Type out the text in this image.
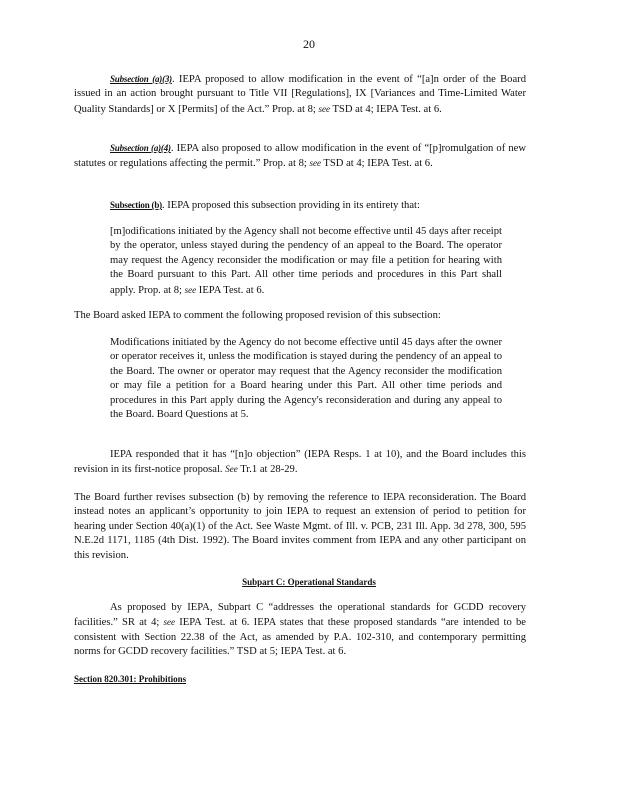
20
Subsection (a)(3). IEPA proposed to allow modification in the event of “[a]n order of the Board issued in an action brought pursuant to Title VII [Regulations], IX [Variances and Time-Limited Water Quality Standards] or X [Permits] of the Act.” Prop. at 8; see TSD at 4; IEPA Test. at 6.
Subsection (a)(4). IEPA also proposed to allow modification in the event of “[p]romulgation of new statutes or regulations affecting the permit.” Prop. at 8; see TSD at 4; IEPA Test. at 6.
Subsection (b). IEPA proposed this subsection providing in its entirety that:
[m]odifications initiated by the Agency shall not become effective until 45 days after receipt by the operator, unless stayed during the pendency of an appeal to the Board. The operator may request the Agency reconsider the modification or may file a petition for hearing with the Board pursuant to this Part. All other time periods and procedures in this Part shall apply. Prop. at 8; see IEPA Test. at 6.
The Board asked IEPA to comment the following proposed revision of this subsection:
Modifications initiated by the Agency do not become effective until 45 days after the owner or operator receives it, unless the modification is stayed during the pendency of an appeal to the Board. The owner or operator may request that the Agency reconsider the modification or may file a petition for a Board hearing under this Part. All other time periods and procedures in this Part apply during the Agency's reconsideration and during any appeal to the Board. Board Questions at 5.
IEPA responded that it has “[n]o objection” (IEPA Resps. 1 at 10), and the Board includes this revision in its first-notice proposal. See Tr.1 at 28-29.
The Board further revises subsection (b) by removing the reference to IEPA reconsideration. The Board instead notes an applicant’s opportunity to join IEPA to request an extension of period to petition for hearing under Section 40(a)(1) of the Act. See Waste Mgmt. of Ill. v. PCB, 231 Ill. App. 3d 278, 300, 595 N.E.2d 1171, 1185 (4th Dist. 1992). The Board invites comment from IEPA and any other participant on this revision.
Subpart C: Operational Standards
As proposed by IEPA, Subpart C “addresses the operational standards for GCDD recovery facilities.” SR at 4; see IEPA Test. at 6. IEPA states that these proposed standards “are intended to be consistent with Section 22.38 of the Act, as amended by P.A. 102-310, and contemporary permitting norms for GCDD recovery facilities.” TSD at 5; IEPA Test. at 6.
Section 820.301: Prohibitions
